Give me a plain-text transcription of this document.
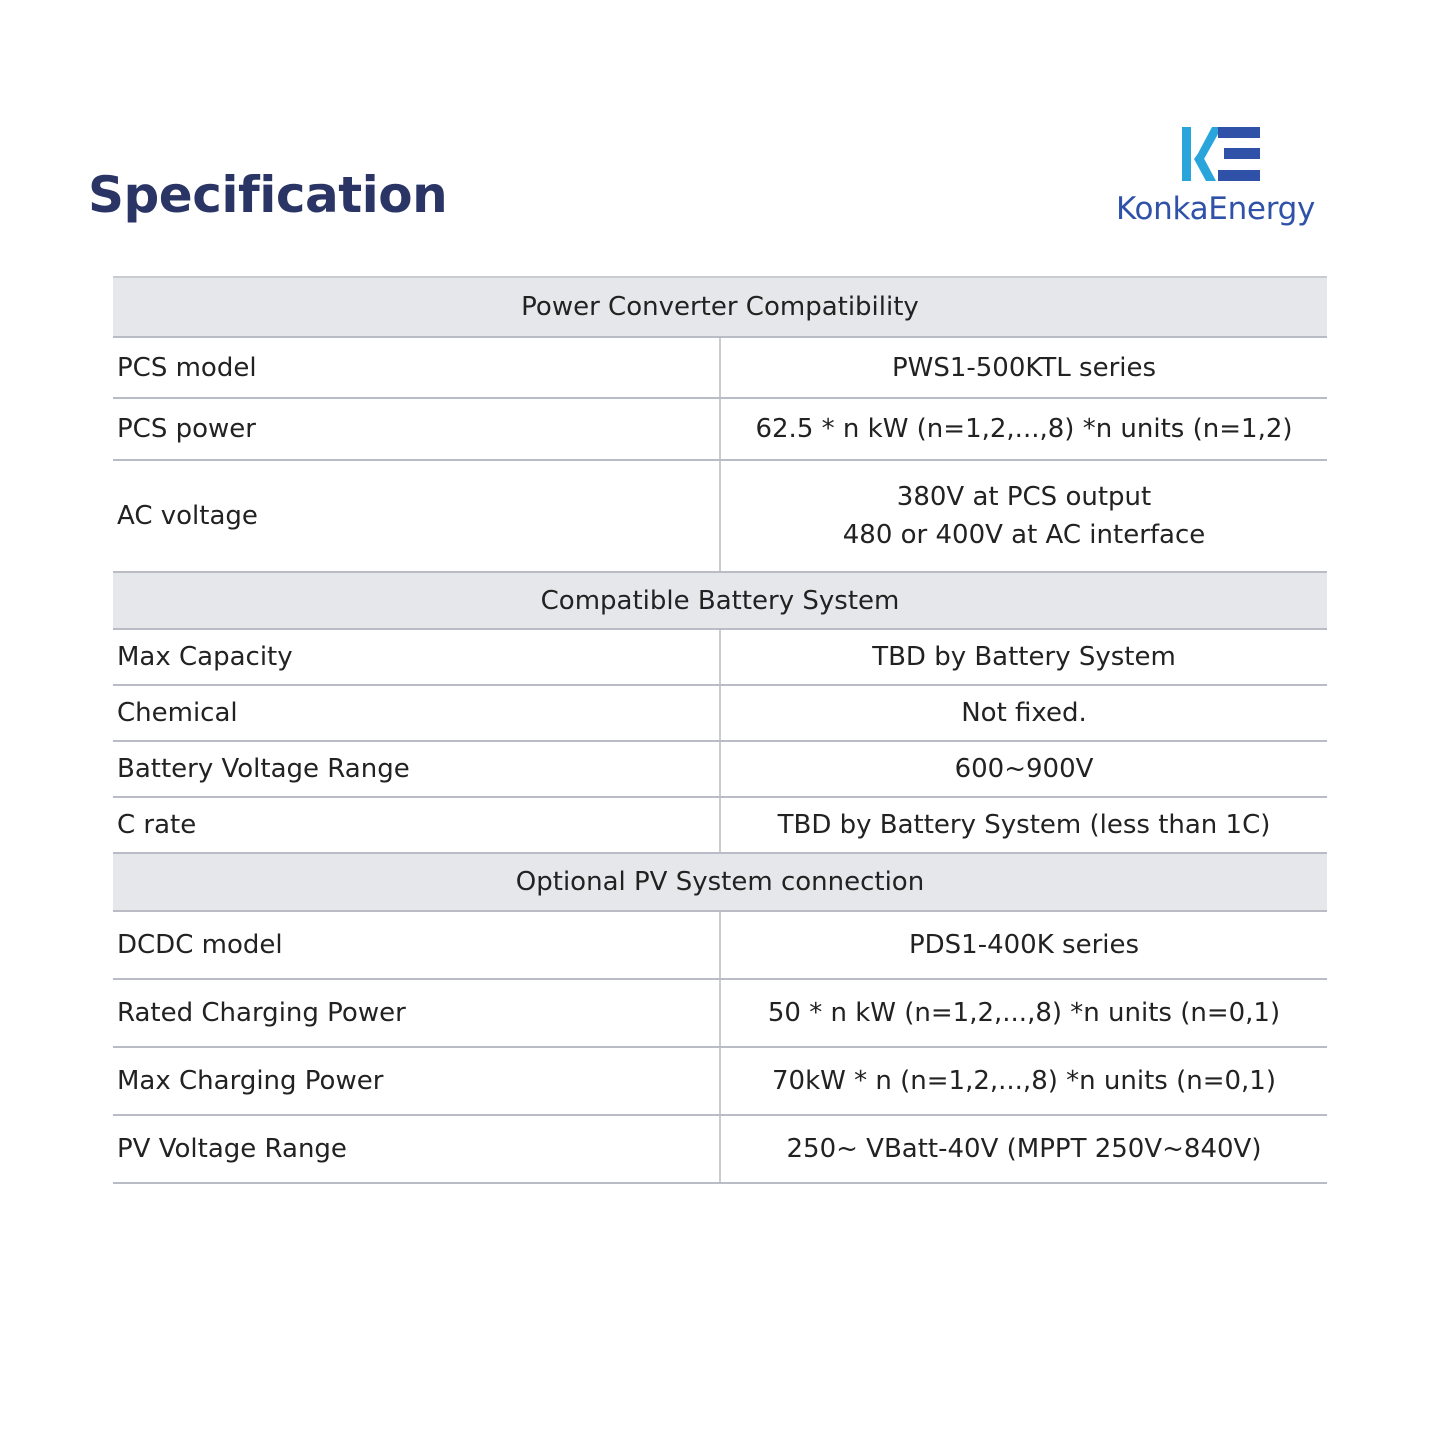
Specification	KonkaEnergy
Power Converter Compatibility	
PCS model	PWS1-500KTL series

PCS power	62.5 * n kW (n=1,2,...,8) *n units (n=1,2)

AC voltage	380V at PCS output
480 or 400V at AC interface

Compatible Battery System	
Max Capacity	TBD by Battery System

Chemical	Not fixed.

Battery Voltage Range	600~900V

C rate	TBD by Battery System (less than 1C)

Optional PV System connection	
DCDC model	PDS1-400K series

Rated Charging Power	50 * n kW (n=1,2,...,8) *n units (n=0,1)

Max Charging Power	70kW * n (n=1,2,...,8) *n units (n=0,1)

PV Voltage Range	250~ VBatt-40V (MPPT 250V~840V)
